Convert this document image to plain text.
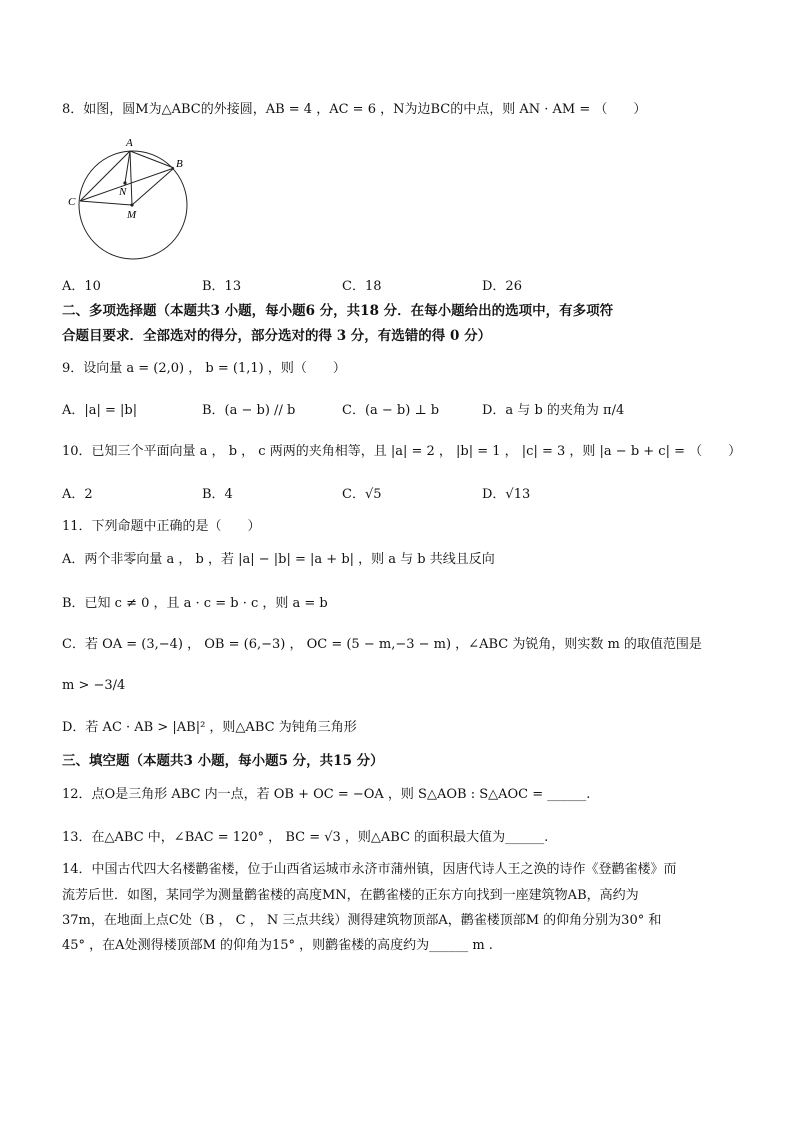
8．如图，圆M为△ABC的外接圆，AB = 4 ，AC = 6 ，N为边BC的中点，则 AN · AM = （　　）
A
B
C
N
M
A．10	B．13	C．18	D．26
二、多项选择题（本题共3 小题，每小题6 分，共18 分．在每小题给出的选项中，有多项符
合题目要求．全部选对的得分，部分选对的得 3 分，有选错的得 0 分）
9．设向量 a = (2,0) ， b = (1,1) ，则（　　）
A．|a| = |b|	B．(a − b) // b	C．(a − b) ⊥ b	D．a 与 b 的夹角为 π/4
10．已知三个平面向量 a ， b ， c 两两的夹角相等，且 |a| = 2 ， |b| = 1 ， |c| = 3 ，则 |a − b + c| = （　　）
A．2	B．4	C．√5	D．√13
11．下列命题中正确的是（　　）
A．两个非零向量 a ， b ，若 |a| − |b| = |a + b| ，则 a 与 b 共线且反向
B．已知 c ≠ 0 ，且 a · c = b · c ，则 a = b
C．若 OA = (3,−4) ， OB = (6,−3) ， OC = (5 − m,−3 − m) ，∠ABC 为锐角，则实数 m 的取值范围是
m > −3/4
D．若 AC · AB > |AB|² ，则△ABC 为钝角三角形
三、填空题（本题共3 小题，每小题5 分，共15 分）
12．点O是三角形 ABC 内一点，若 OB + OC = −OA ，则 S△AOB : S△AOC = ______.
13．在△ABC 中，∠BAC = 120° ， BC = √3 ，则△ABC 的面积最大值为______.
14．中国古代四大名楼鹳雀楼，位于山西省运城市永济市蒲州镇，因唐代诗人王之涣的诗作《登鹳雀楼》而
流芳后世．如图，某同学为测量鹳雀楼的高度MN，在鹳雀楼的正东方向找到一座建筑物AB，高约为
37m，在地面上点C处（B ， C ， N 三点共线）测得建筑物顶部A，鹳雀楼顶部M 的仰角分别为30° 和
45° ，在A处测得楼顶部M 的仰角为15° ，则鹳雀楼的高度约为______ m .
